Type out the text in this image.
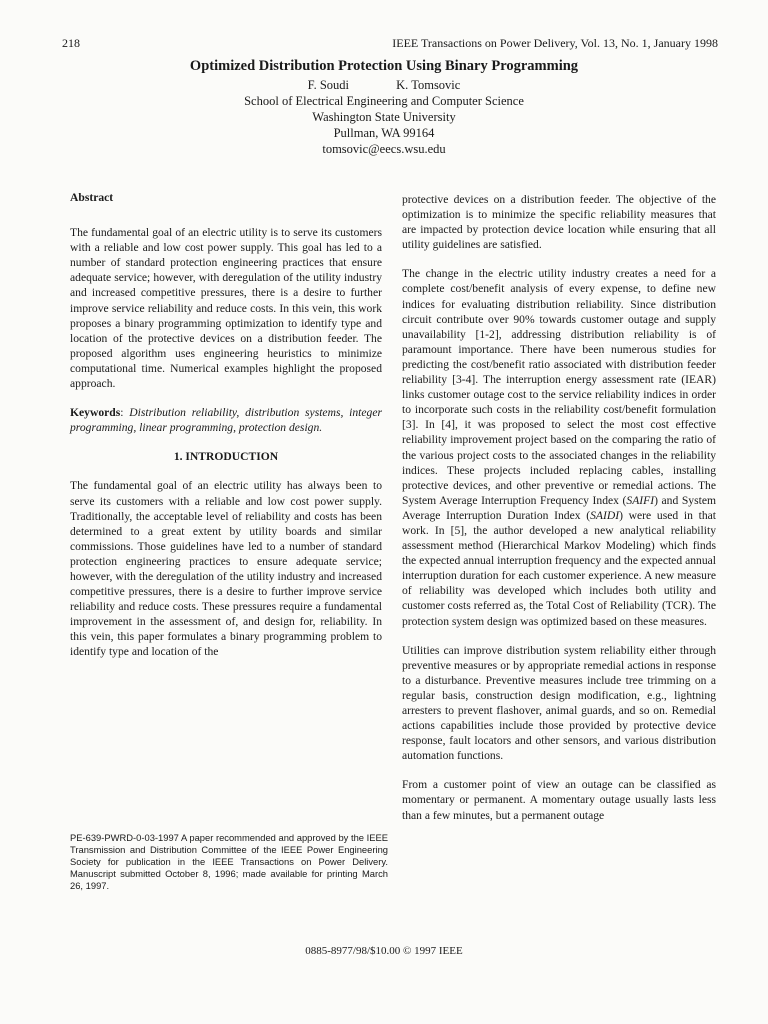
218	IEEE Transactions on Power Delivery, Vol. 13, No. 1, January 1998
Optimized Distribution Protection Using Binary Programming
F. Soudi	K. Tomsovic
School of Electrical Engineering and Computer Science
Washington State University
Pullman, WA 99164
tomsovic@eecs.wsu.edu
Abstract

The fundamental goal of an electric utility is to serve its customers with a reliable and low cost power supply. This goal has led to a number of standard protection engineering practices that ensure adequate service; however, with deregulation of the utility industry and increased competitive pressures, there is a desire to further improve service reliability and reduce costs. In this vein, this work proposes a binary programming optimization to identify type and location of the protective devices on a distribution feeder. The proposed algorithm uses engineering heuristics to minimize computational time. Numerical examples highlight the proposed approach.

Keywords: Distribution reliability, distribution systems, integer programming, linear programming, protection design.

1. INTRODUCTION

The fundamental goal of an electric utility has always been to serve its customers with a reliable and low cost power supply. Traditionally, the acceptable level of reliability and costs has been determined to a great extent by utility boards and similar commissions. Those guidelines have led to a number of standard protection engineering practices to ensure adequate service; however, with the deregulation of the utility industry and increased competitive pressures, there is a desire to further improve service reliability and reduce costs. These pressures require a fundamental improvement in the assessment of, and design for, reliability. In this vein, this paper formulates a binary programming problem to identify type and location of the

protective devices on a distribution feeder. The objective of the optimization is to minimize the specific reliability measures that are impacted by protection device location while ensuring that all utility guidelines are satisfied.

The change in the electric utility industry creates a need for a complete cost/benefit analysis of every expense, to define new indices for evaluating distribution reliability. Since distribution circuit contribute over 90% towards customer outage and supply unavailability [1-2], addressing distribution reliability is of paramount importance. There have been numerous studies for predicting the cost/benefit ratio associated with distribution feeder reliability [3-4]. The interruption energy assessment rate (IEAR) links customer outage cost to the service reliability indices in order to incorporate such costs in the reliability cost/benefit formulation [3]. In [4], it was proposed to select the most cost effective reliability improvement project based on the comparing the ratio of the various project costs to the associated changes in the reliability indices. These projects included replacing cables, installing protective devices, and other preventive or remedial actions. The System Average Interruption Frequency Index (SAIFI) and System Average Interruption Duration Index (SAIDI) were used in that work. In [5], the author developed a new analytical reliability assessment method (Hierarchical Markov Modeling) which finds the expected annual interruption frequency and the expected annual interruption duration for each customer experience. A new measure of reliability was developed which includes both utility and customer costs referred as, the Total Cost of Reliability (TCR). The protection system design was optimized based on these measures.

Utilities can improve distribution system reliability either through preventive measures or by appropriate remedial actions in response to a disturbance. Preventive measures include tree trimming on a regular basis, construction design modification, e.g., lightning arresters to prevent flashover, animal guards, and so on. Remedial actions capabilities include those provided by protective device response, fault locators and other sensors, and various distribution automation functions.

From a customer point of view an outage can be classified as momentary or permanent. A momentary outage usually lasts less than a few minutes, but a permanent outage

PE-639-PWRD-0-03-1997 A paper recommended and approved by the IEEE Transmission and Distribution Committee of the IEEE Power Engineering Society for publication in the IEEE Transactions on Power Delivery. Manuscript submitted October 8, 1996; made available for printing March 26, 1997.
0885-8977/98/$10.00 © 1997 IEEE
